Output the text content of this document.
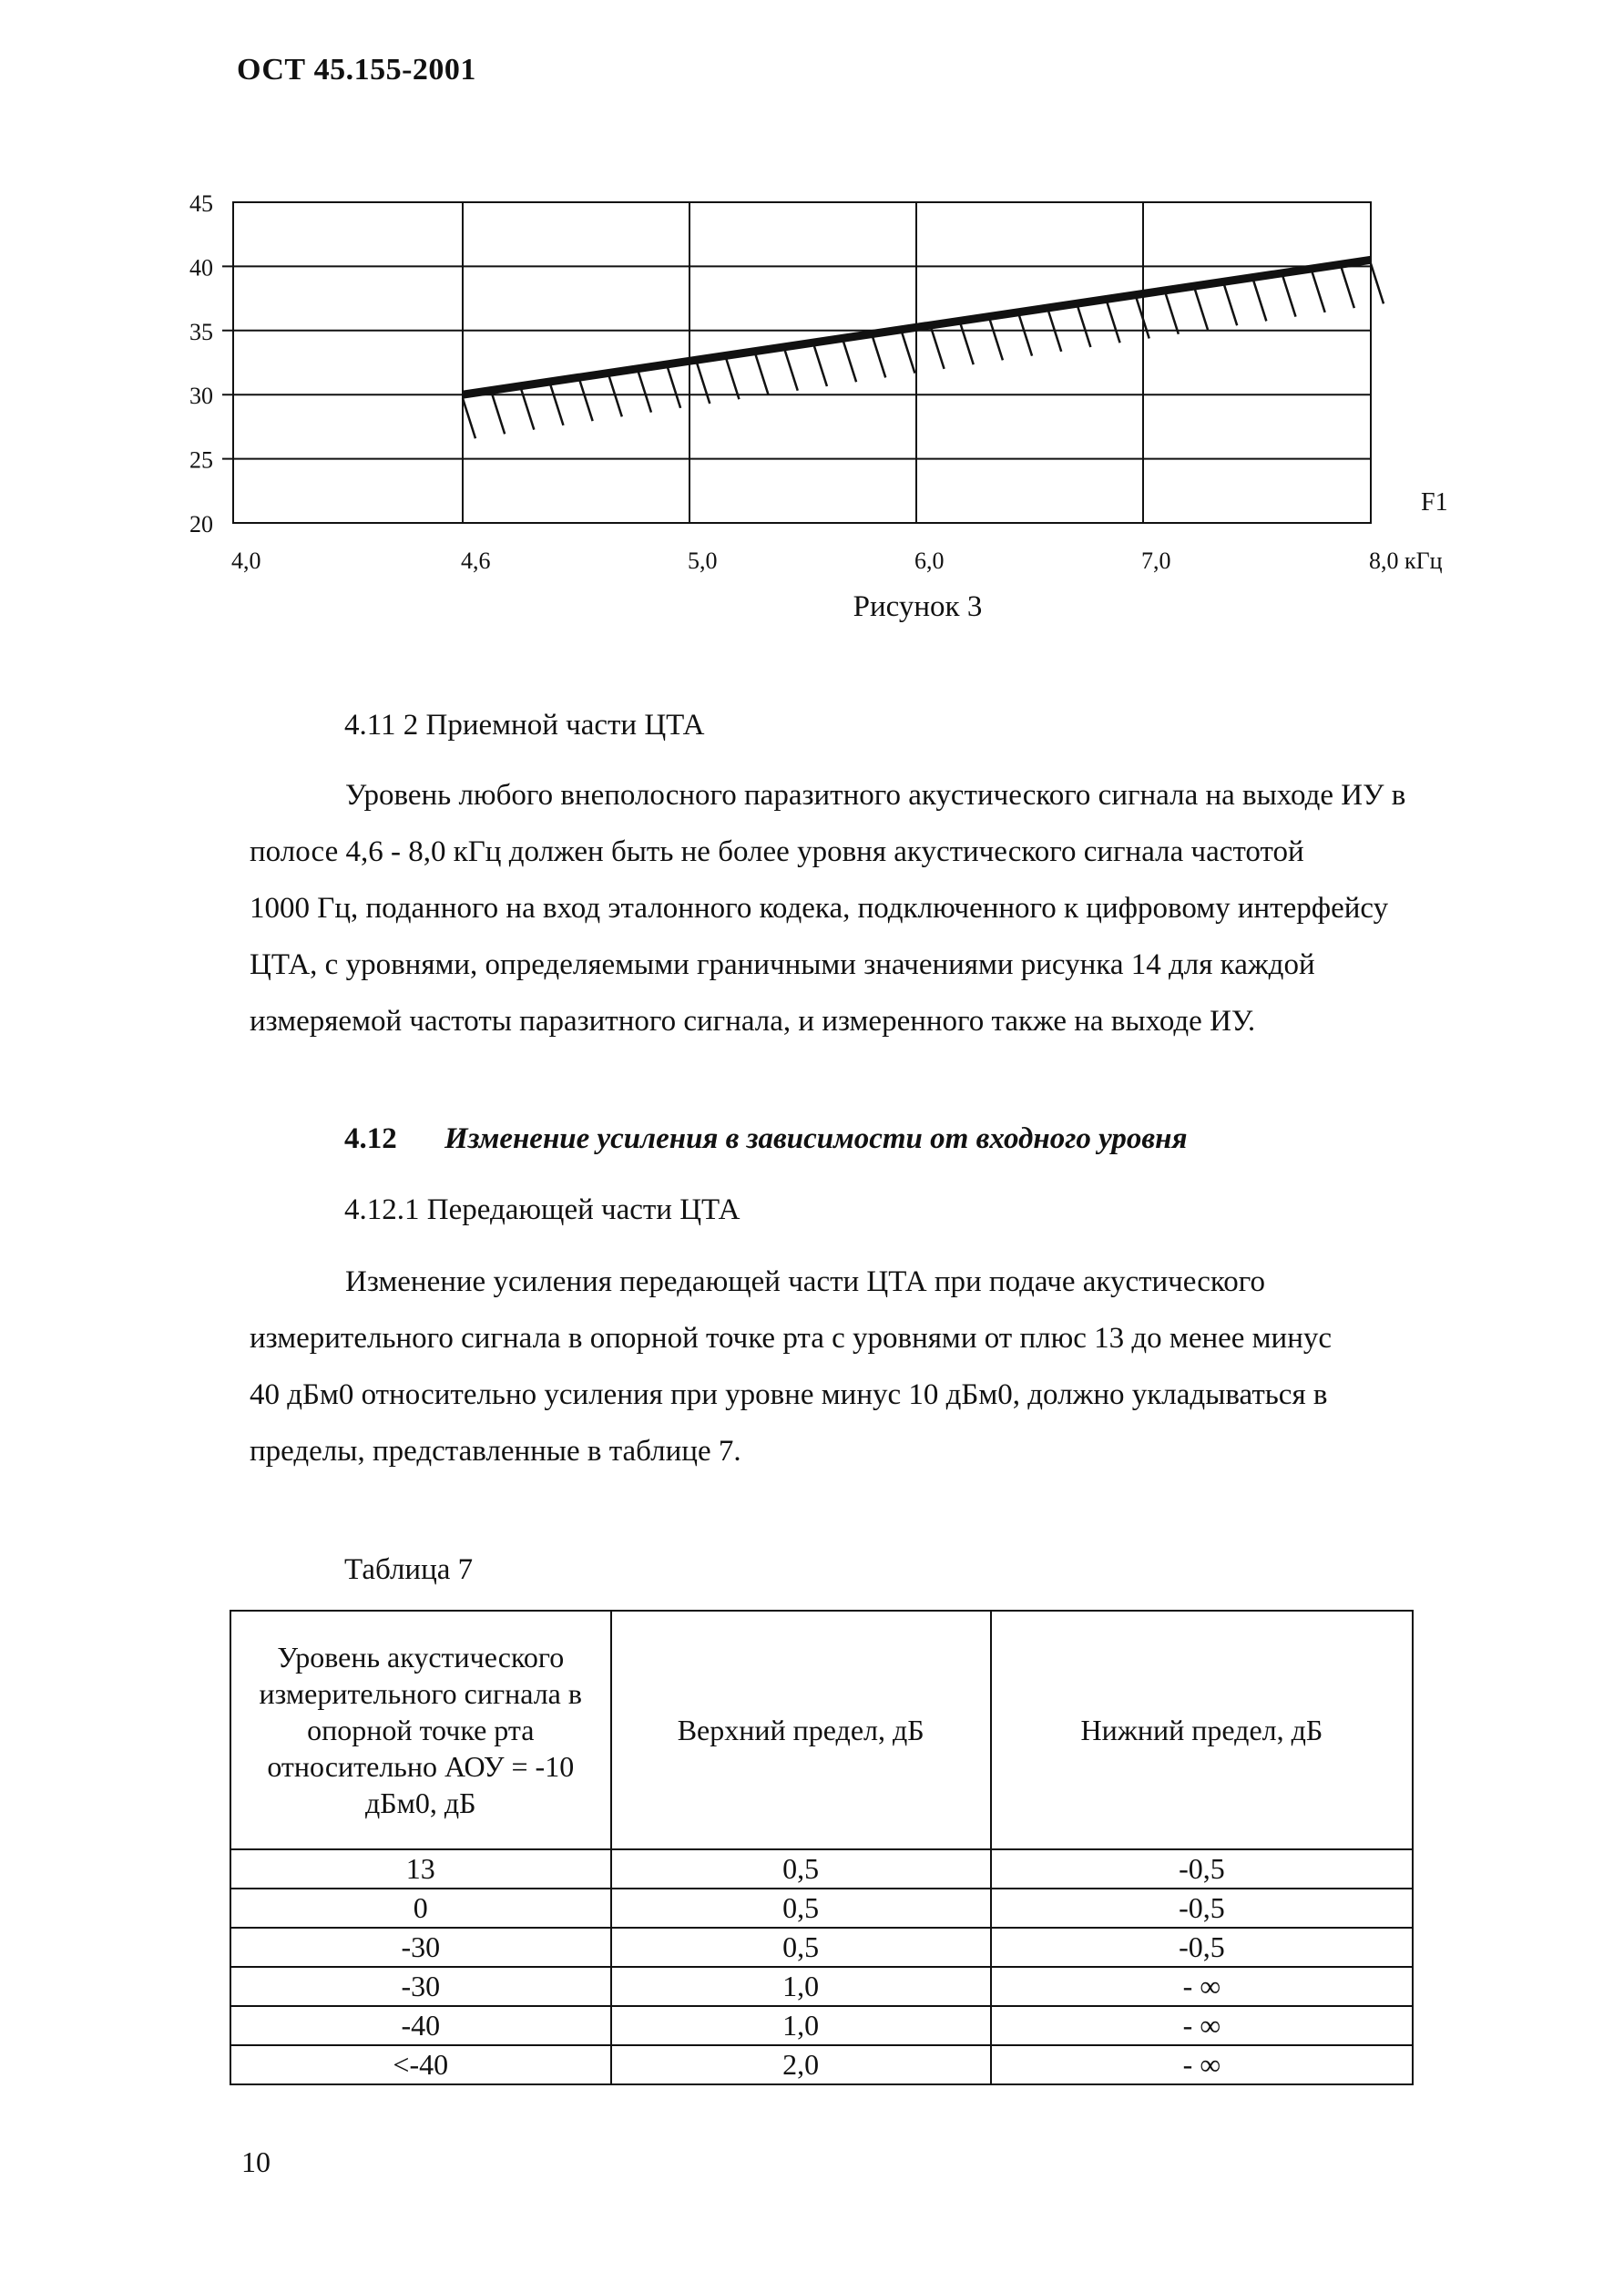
ОСТ 45.155-2001
45
40
35
30
25
20
4,0	4,6	5,0	6,0	7,0	8,0 кГц
F1
Рисунок 3
4.11 2 Приемной части ЦТА
Уровень любого внеполосного паразитного акустического сигнала на выходе ИУ в
полосе 4,6 - 8,0 кГц должен быть не более уровня акустического сигнала частотой
1000 Гц, поданного на вход эталонного кодека, подключенного к цифровому интерфейсу
ЦТА, с уровнями, определяемыми граничными значениями рисунка 14 для каждой
измеряемой частоты паразитного сигнала, и измеренного также на выходе ИУ.
4.12 Изменение усиления в зависимости от входного уровня
4.12.1 Передающей части ЦТА
Изменение усиления передающей части ЦТА при подаче акустического
измерительного сигнала в опорной точке рта с уровнями от плюс 13 до менее минус
40 дБм0 относительно усиления при уровне минус 10 дБм0, должно укладываться в
пределы, представленные в таблице 7.
Таблица 7
Уровень акустического измерительного сигнала в опорной точке рта относительно АОУ = -10 дБм0, дБ	Верхний предел, дБ	Нижний предел, дБ
13	0,5	-0,5
0	0,5	-0,5
-30	0,5	-0,5
-30	1,0	- ∞
-40	1,0	- ∞
<-40	2,0	- ∞
10
